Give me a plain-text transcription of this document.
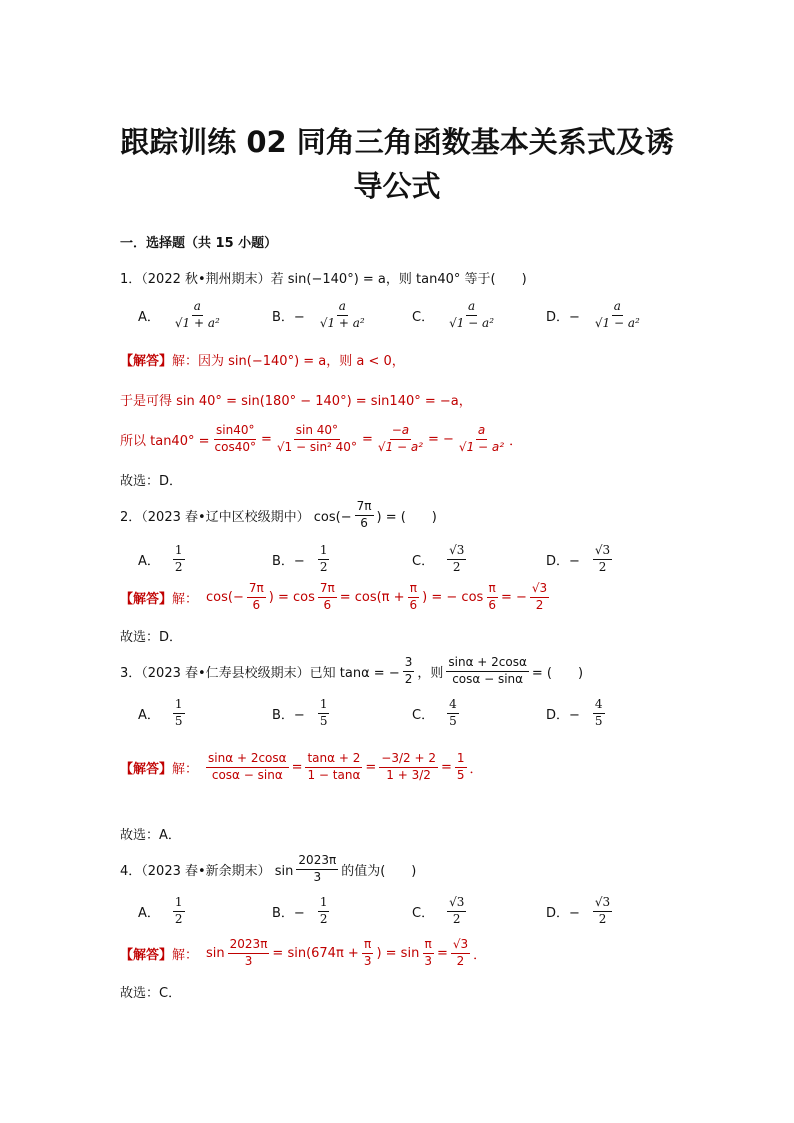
跟踪训练 02 同角三角函数基本关系式及诱
导公式
一．选择题（共 15 小题）
1．（2022 秋•荆州期末）若 sin(−140°) = a，则 tan40° 等于(　　)
A． $\frac{a}{\text{√1 + a²}}$	B．− $\frac{a}{\text{√1 + a²}}$	C． $\frac{a}{\text{√1 − a²}}$	D．− $\frac{a}{\text{√1 − a²}}$
【解答】 解： 因为 sin(−140°) = a，则 a < 0，
于是可得 sin 40° = sin(180° − 140°) = sin140° = −a，
所以 $\tan 40^\circ = \frac{\sin 40^\circ}{\cos 40^\circ} = \frac{\sin 40^\circ}{\text{√1 − sin² 40°}} = \frac{-a}{\text{√1 − a²}}$ = − $\frac{a}{\text{√1 − a²}}$ ．
故选：D．
2．（2023 春•辽中区校级期中） $\cos(- \frac{7\pi}{6}$ ) = (　　)
A． $\frac{1}{2}$	B．− $\frac{1}{2}$	C． $\frac{√3}{2}$	D．− $\frac{√3}{2}$
【解答】 解： $\cos(- \frac{7\pi}{6}$ ) = $\cos \frac{7\pi}{6} = \cos(\pi + \frac{\pi}{6}$ ) = − $\cos \frac{\pi}{6}$ = − $\frac{√3}{2}$
故选：D．
3．（2023 春•仁寿县校级期末）已知 tanα = − $\frac{3}{2}$ ，则 $\frac{\sin\alpha + 2\cos\alpha}{\cos\alpha - \sin\alpha}$ = (　　)
A． $\frac{1}{5}$	B．− $\frac{1}{5}$	C． $\frac{4}{5}$	D．− $\frac{4}{5}$
【解答】 解： $\frac{\sin\alpha + 2\cos\alpha}{\cos\alpha - \sin\alpha} = \frac{\tan\alpha + 2}{1 - \tan\alpha} = \frac{-3/2 + 2}{1 + 3/2} = \frac{1}{5}$ ．
故选：A．
4．（2023 春•新余期末） $\sin \frac{2023\pi}{3}$ 的值为(　　)
A． $\frac{1}{2}$	B．− $\frac{1}{2}$	C． $\frac{√3}{2}$	D．− $\frac{√3}{2}$
【解答】 解： $\sin \frac{2023\pi}{3} = \sin(674\pi + \frac{\pi}{3}$ ) = $\sin \frac{\pi}{3} = \frac{√3}{2}$ ．
故选：C．
